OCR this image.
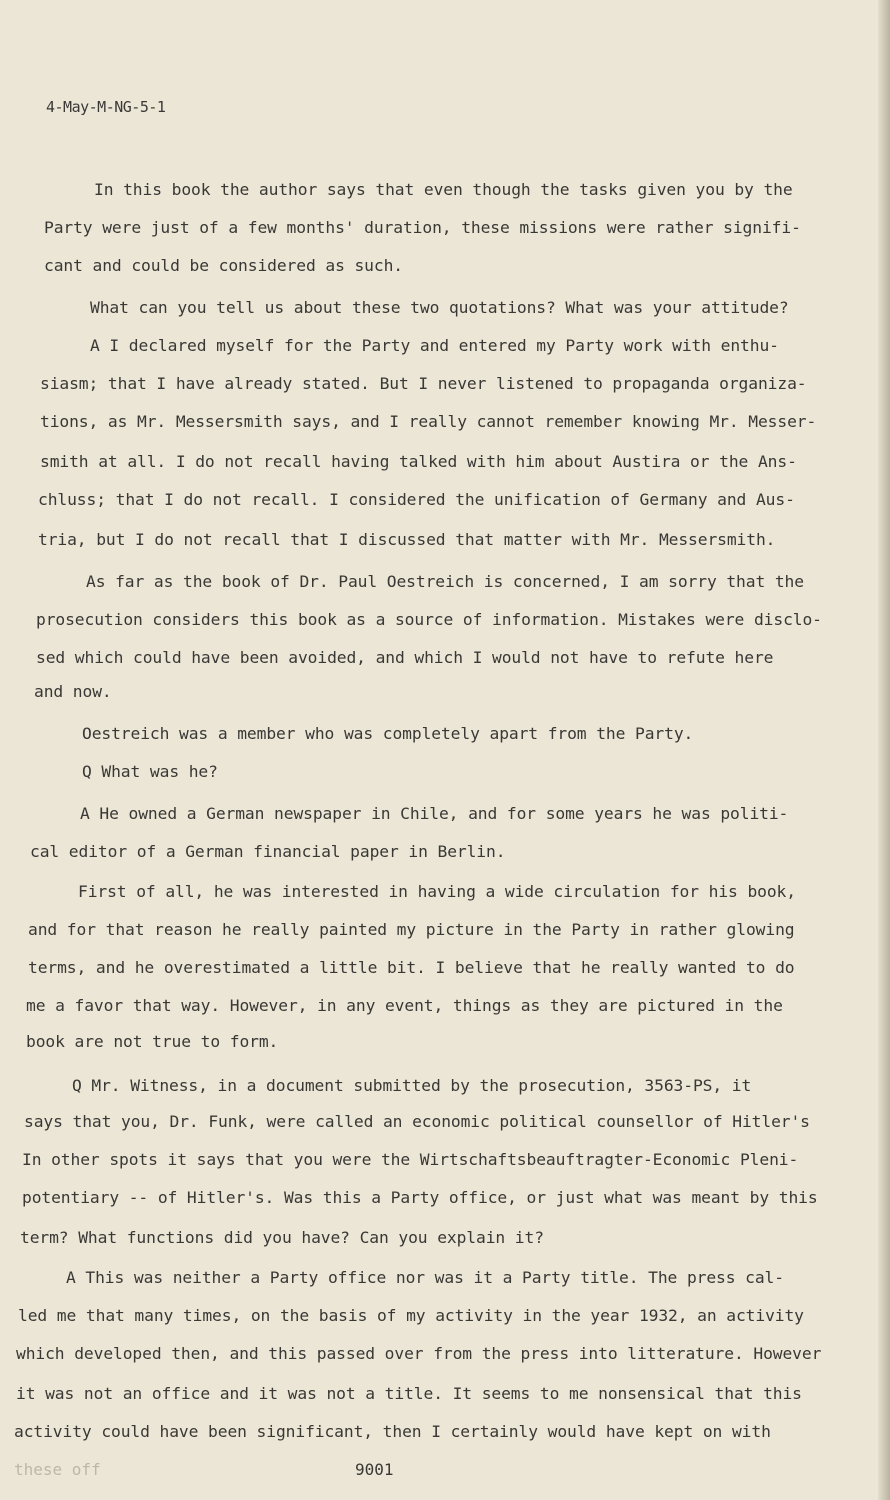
4-May-M-NG-5-1
In this book the author says that even though the tasks given you by the
Party were just of a few months' duration, these missions were rather signifi-
cant and could be considered as such.
What can you tell us about these two quotations? What was your attitude?
A I declared myself for the Party and entered my Party work with enthu-
siasm; that I have already stated. But I never listened to propaganda organiza-
tions, as Mr. Messersmith says, and I really cannot remember knowing Mr. Messer-
smith at all. I do not recall having talked with him about Austira or the Ans-
chluss; that I do not recall. I considered the unification of Germany and Aus-
tria, but I do not recall that I discussed that matter with Mr. Messersmith.
As far as the book of Dr. Paul Oestreich is concerned, I am sorry that the
prosecution considers this book as a source of information. Mistakes were disclo-
sed which could have been avoided, and which I would not have to refute here
and now.
Oestreich was a member who was completely apart from the Party.
Q What was he?
A He owned a German newspaper in Chile, and for some years he was politi-
cal editor of a German financial paper in Berlin.
First of all, he was interested in having a wide circulation for his book,
and for that reason he really painted my picture in the Party in rather glowing
terms, and he overestimated a little bit. I believe that he really wanted to do
me a favor that way. However, in any event, things as they are pictured in the
book are not true to form.
Q Mr. Witness, in a document submitted by the prosecution, 3563-PS, it
says that you, Dr. Funk, were called an economic political counsellor of Hitler's
In other spots it says that you were the Wirtschaftsbeauftragter-Economic Pleni-
potentiary -- of Hitler's. Was this a Party office, or just what was meant by this
term? What functions did you have? Can you explain it?
A This was neither a Party office nor was it a Party title. The press cal-
led me that many times, on the basis of my activity in the year 1932, an activity
which developed then, and this passed over from the press into litterature. However
it was not an office and it was not a title. It seems to me nonsensical that this
activity could have been significant, then I certainly would have kept on with
these off	9001
